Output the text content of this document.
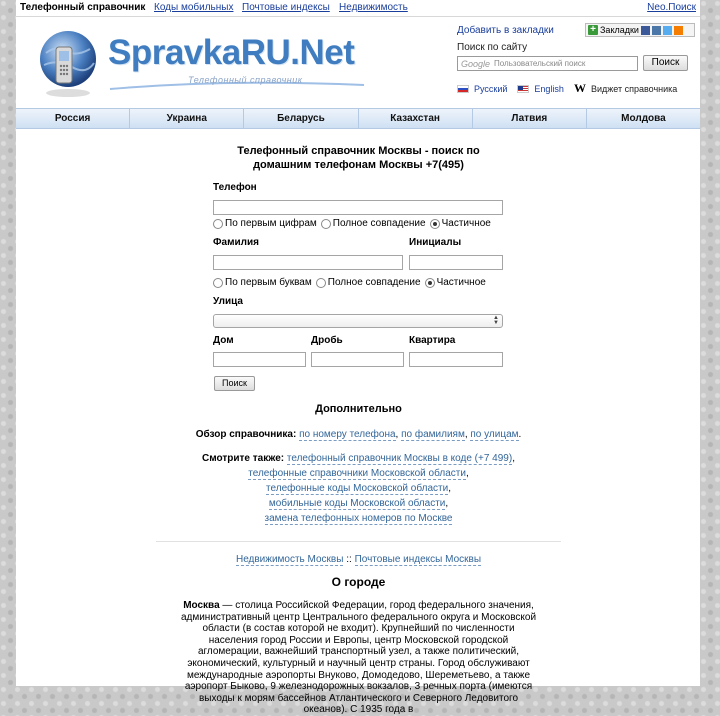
Телефонный справочник Коды мобильных Почтовые индексы Недвижимость	Neo.Поиск
SpravkaRU.Net
Телефонный справочник
Добавить в закладки	+ Закладки
Поиск по сайту
Google Пользовательский поиск	Поиск
Русский	English W Виджет справочника
Телефонный справочник Москвы - поиск по
домашним телефонам Москвы +7(495)
Телефон
По первым цифрам Полное совпадение Частичное
Фамилия	Инициалы
По первым буквам Полное совпадение Частичное
Улица
▲
▼
Дом	Дробь	Квартира
Поиск
Дополнительно
Обзор справочника: по номеру телефона, по фамилиям, по улицам.
Смотрите также: телефонный справочник Москвы в коде (+7 499),
телефонные справочники Московской области,
телефонные коды Московской области,
мобильные коды Московской области,
замена телефонных номеров по Москве
Недвижимость Москвы :: Почтовые индексы Москвы
О городе
Москва — столица Российской Федерации, город федерального значения, административный центр Центрального федерального округа и Московской области (в состав которой не входит). Крупнейший по численности населения город России и Европы, центр Московской городской агломерации, важнейший транспортный узел, а также политический, экономический, культурный и научный центр страны. Город обслуживают международные аэропорты Внуково, Домодедово, Шереметьево, а также аэропорт Быково, 9 железнодорожных вокзалов, 3 речных порта (имеются выходы к морям бассейнов Атлантического и Северного Ледовитого океанов). С 1935 года в
Россия	Украина	Беларусь	Казахстан	Латвия	Молдова
